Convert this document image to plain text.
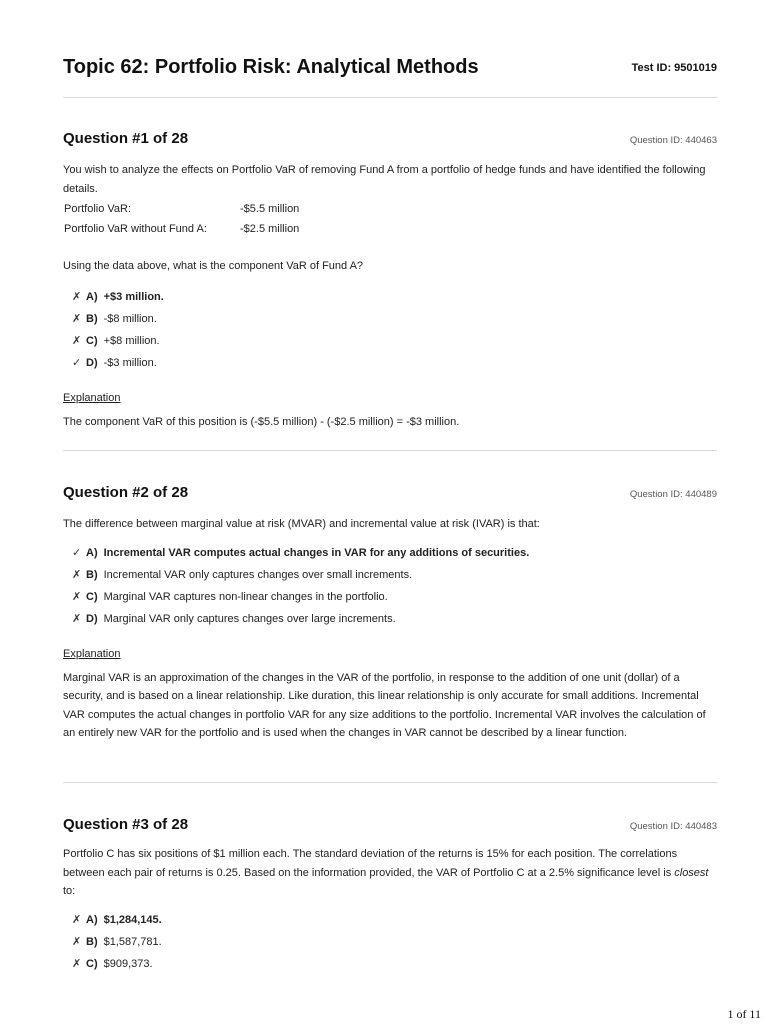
Topic 62: Portfolio Risk: Analytical Methods	Test ID: 9501019
Question #1 of 28	Question ID: 440463
You wish to analyze the effects on Portfolio VaR of removing Fund A from a portfolio of hedge funds and have identified the following details.
Portfolio VaR:	-$5.5 million
Portfolio VaR without Fund A:	-$2.5 million
Using the data above, what is the component VaR of Fund A?
✗ A) +$3 million.
✗ B) -$8 million.
✗ C) +$8 million.
✓ D) -$3 million.
Explanation
The component VaR of this position is (-$5.5 million) - (-$2.5 million) = -$3 million.
Question #2 of 28	Question ID: 440489
The difference between marginal value at risk (MVAR) and incremental value at risk (IVAR) is that:
✓ A) Incremental VAR computes actual changes in VAR for any additions of securities.
✗ B) Incremental VAR only captures changes over small increments.
✗ C) Marginal VAR captures non-linear changes in the portfolio.
✗ D) Marginal VAR only captures changes over large increments.
Explanation
Marginal VAR is an approximation of the changes in the VAR of the portfolio, in response to the addition of one unit (dollar) of a security, and is based on a linear relationship. Like duration, this linear relationship is only accurate for small additions. Incremental VAR computes the actual changes in portfolio VAR for any size additions to the portfolio. Incremental VAR involves the calculation of an entirely new VAR for the portfolio and is used when the changes in VAR cannot be described by a linear function.
Question #3 of 28	Question ID: 440483
Portfolio C has six positions of $1 million each. The standard deviation of the returns is 15% for each position. The correlations between each pair of returns is 0.25. Based on the information provided, the VAR of Portfolio C at a 2.5% significance level is closest to:
✗ A) $1,284,145.
✗ B) $1,587,781.
✗ C) $909,373.
1 of 11
